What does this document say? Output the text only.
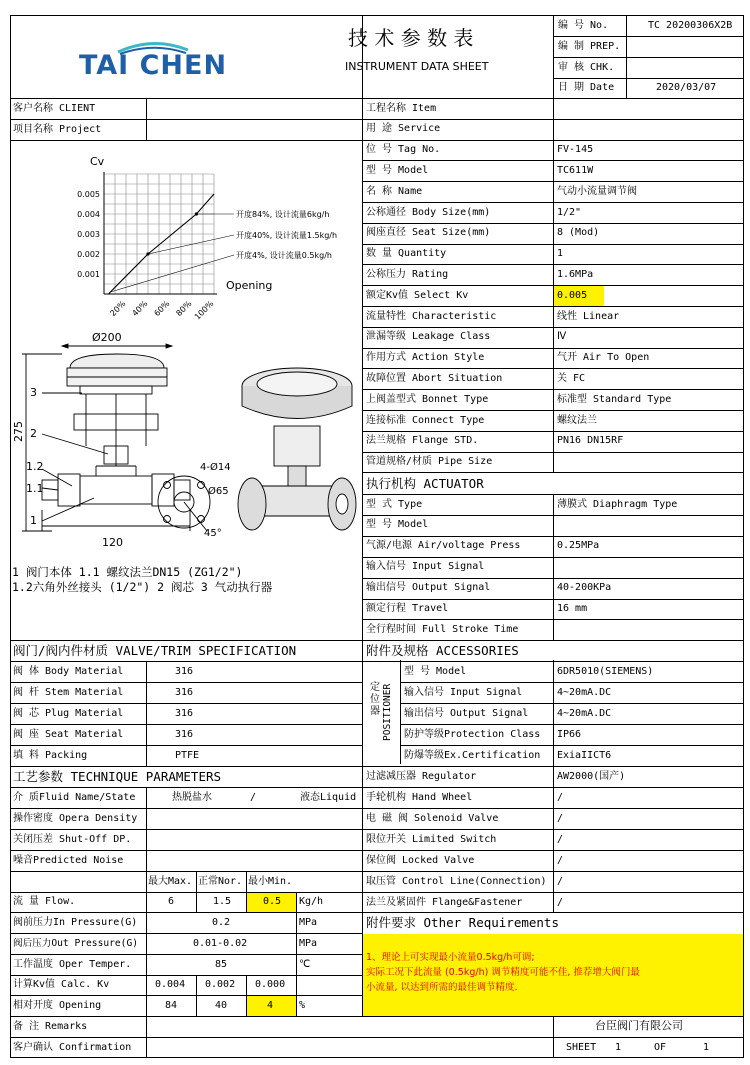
TAI CHEN
技 术 参 数 表
INSTRUMENT DATA SHEET
编 号 No.	TC 20200306X2B
编 制 PREP.
审 核 CHK.
日 期 Date	2020/03/07
客户名称 CLIENT
项目名称 Project
Cv
Opening
0.005
0.004
0.003
0.002
0.001
20% 40% 60% 80% 100%
开度84%, 设计流量6kg/h
开度40%, 设计流量1.5kg/h
开度4%, 设计流量0.5kg/h
Ø200
275
120
4-Ø14
Ø65
45°
3
2
1.2
1.1
1
1 阀门本体 1.1 螺纹法兰DN15 (ZG1/2")
1.2六角外丝接头 (1/2") 2 阀芯 3 气动执行器
工程名称 Item
用 途 Service
位 号 Tag No.	FV-145
型 号 Model	TC611W
名 称 Name	气动小流量调节阀
公称通径 Body Size(mm)	1/2"
阀座直径 Seat Size(mm)	8 (Mod)
数 量 Quantity	1
公称压力 Rating	1.6MPa
额定Kv值 Select Kv	0.005
流量特性 Characteristic	线性 Linear
泄漏等级 Leakage Class	Ⅳ
作用方式 Action Style	气开 Air To Open
故障位置 Abort Situation	关 FC
上阀盖型式 Bonnet Type	标准型 Standard Type
连接标准 Connect Type	螺纹法兰
法兰规格 Flange STD.	PN16 DN15RF
管道规格/材质 Pipe Size
执行机构 ACTUATOR
型 式 Type	薄膜式 Diaphragm Type
型 号 Model
气源/电源 Air/voltage Press	0.25MPa
输入信号 Input Signal
输出信号 Output Signal	40-200KPa
额定行程 Travel	16 mm
全行程时间 Full Stroke Time
阀门/阀内件材质 VALVE/TRIM SPECIFICATION
阀 体 Body Material	316
阀 杆 Stem Material	316
阀 芯 Plug Material	316
阀 座 Seat Material	316
填 料 Packing	PTFE
附件及规格 ACCESSORIES
定位器 POSITIONER
型 号 Model	6DR5010(SIEMENS)
输入信号 Input Signal	4~20mA.DC
输出信号 Output Signal	4~20mA.DC
防护等级Protection Class IP66
防爆等级Ex.Certification ExiaIICT6
过滤减压器 Regulator	AW2000(国产)
手轮机构 Hand Wheel	/
电 磁 阀 Solenoid Valve	/
限位开关 Limited Switch	/
保位阀 Locked Valve	/
取压管 Control Line(Connection) /
法兰及紧固件 Flange&Fastener	/
工艺参数 TECHNIQUE PARAMETERS
介 质Fluid Name/State	热脱盐水	/	液态Liquid
操作密度 Opera Density
关闭压差 Shut-Off DP.
噪音Predicted Noise
最大Max. 正常Nor. 最小Min.
流 量 Flow.	6	1.5	0.5 Kg/h
阀前压力In Pressure(G)	0.2	MPa
阀后压力Out Pressure(G)	0.01-0.02	MPa
工作温度 Oper Temper.	85	℃
计算Kv值 Calc. Kv	0.004 0.002 0.000
相对开度 Opening	84	40	4	%
附件要求 Other Requirements
1、理论上可实现最小流量0.5kg/h可调;
实际工况下此流量 (0.5kg/h) 调节精度可能不佳, 推荐增大阀门最
小流量, 以达到所需的最佳调节精度.
备 注 Remarks
客户确认 Confirmation
台臣阀门有限公司
SHEET 1	OF	1
